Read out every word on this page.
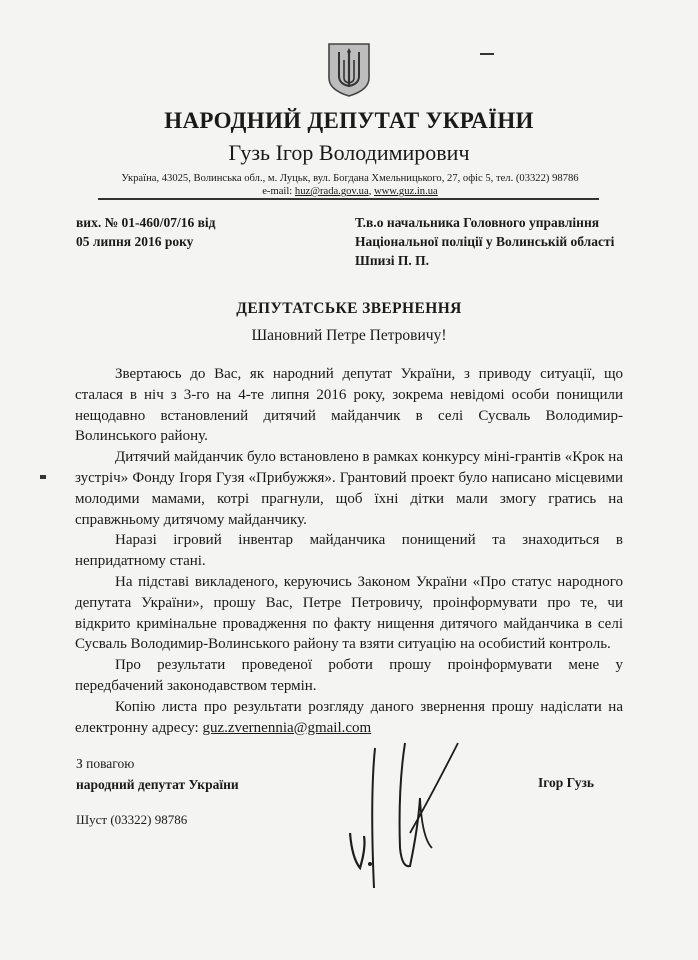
НАРОДНИЙ ДЕПУТАТ УКРАЇНИ
Гузь Ігор Володимирович
Україна, 43025, Волинська обл., м. Луцьк, вул. Богдана Хмельницького, 27, офіс 5, тел. (03322) 98786
e-mail: huz@rada.gov.ua, www.guz.in.ua
вих. № 01-460/07/16 від
05 липня 2016 року
Т.в.о начальника Головного управління
Національної поліції у Волинській області
Шпизі П. П.
ДЕПУТАТСЬКЕ ЗВЕРНЕННЯ
Шановний Петре Петровичу!

Звертаюсь до Вас, як народний депутат України, з приводу ситуації, що сталася в ніч з 3-го на 4-те липня 2016 року, зокрема невідомі особи понищили нещодавно встановлений дитячий майданчик в селі Сусваль Володимир-Волинського району.

Дитячий майданчик було встановлено в рамках конкурсу міні-грантів «Крок на зустріч» Фонду Ігоря Гузя «Прибужжя». Грантовий проект було написано місцевими молодими мамами, котрі прагнули, щоб їхні дітки мали змогу гратись на справжньому дитячому майданчику.

Наразі ігровий інвентар майданчика понищений та знаходиться в непридатному стані.

На підставі викладеного, керуючись Законом України «Про статус народного депутата України», прошу Вас, Петре Петровичу, проінформувати про те, чи відкрито кримінальне провадження по факту нищення дитячого майданчика в селі Сусваль Володимир-Волинського району та взяти ситуацію на особистий контроль.

Про результати проведеної роботи прошу проінформувати мене у передбачений законодавством термін.

Копію листа про результати розгляду даного звернення прошу надіслати на електронну адресу: guz.zvernennia@gmail.com

З повагою
народний депутат України	Ігор Гузь
Шуст (03322) 98786
